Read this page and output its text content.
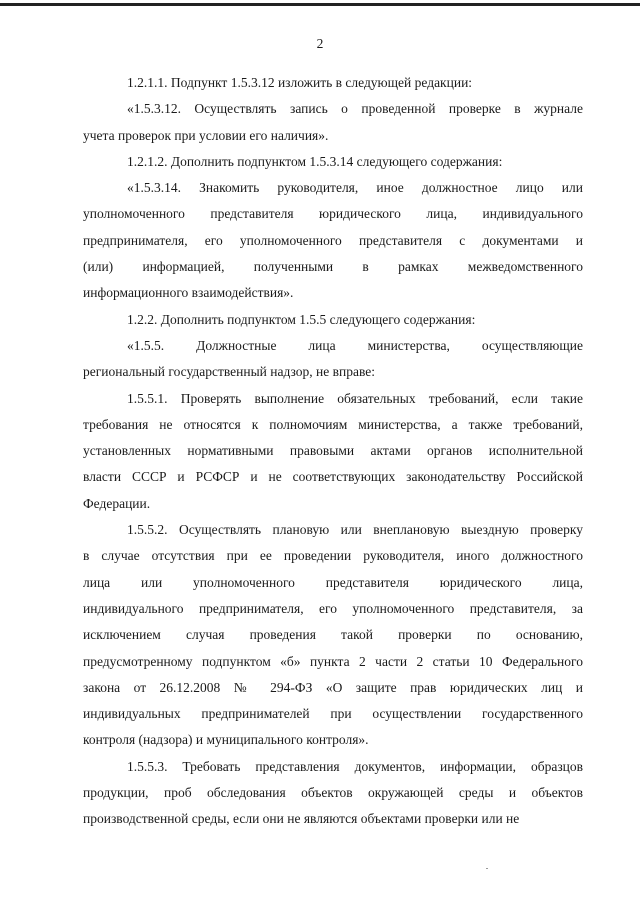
2
1.2.1.1. Подпункт 1.5.3.12 изложить в следующей редакции:
«1.5.3.12. Осуществлять запись о проведенной проверке в журнале
учета проверок при условии его наличия».
1.2.1.2. Дополнить подпунктом 1.5.3.14 следующего содержания:
«1.5.3.14. Знакомить руководителя, иное должностное лицо или
уполномоченного представителя юридического лица, индивидуального
предпринимателя, его уполномоченного представителя с документами и
(или) информацией, полученными в рамках межведомственного
информационного взаимодействия».
1.2.2. Дополнить подпунктом 1.5.5 следующего содержания:
«1.5.5. Должностные лица министерства, осуществляющие
региональный государственный надзор, не вправе:
1.5.5.1. Проверять выполнение обязательных требований, если такие
требования не относятся к полномочиям министерства, а также требований,
установленных нормативными правовыми актами органов исполнительной
власти СССР и РСФСР и не соответствующих законодательству Российской
Федерации.
1.5.5.2. Осуществлять плановую или внеплановую выездную проверку
в случае отсутствия при ее проведении руководителя, иного должностного
лица или уполномоченного представителя юридического лица,
индивидуального предпринимателя, его уполномоченного представителя, за
исключением случая проведения такой проверки по основанию,
предусмотренному подпунктом «б» пункта 2 части 2 статьи 10 Федерального
закона от 26.12.2008 № 294-ФЗ «О защите прав юридических лиц и
индивидуальных предпринимателей при осуществлении государственного
контроля (надзора) и муниципального контроля».
1.5.5.3. Требовать представления документов, информации, образцов
продукции, проб обследования объектов окружающей среды и объектов
производственной среды, если они не являются объектами проверки или не
